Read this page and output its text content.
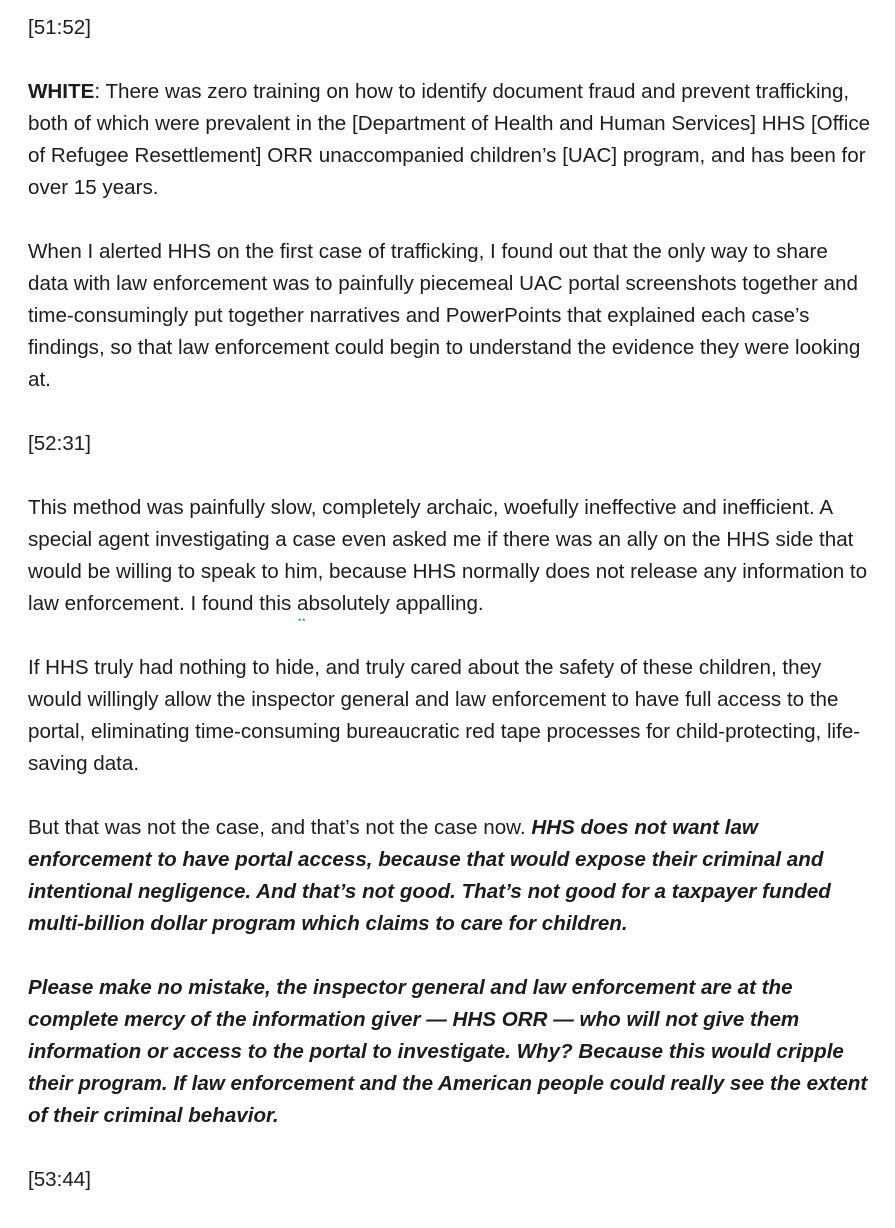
[51:52]

WHITE: There was zero training on how to identify document fraud and prevent trafficking, both of which were prevalent in the [Department of Health and Human Services] HHS [Office of Refugee Resettlement] ORR unaccompanied children’s [UAC] program, and has been for over 15 years.

When I alerted HHS on the first case of trafficking, I found out that the only way to share data with law enforcement was to painfully piecemeal UAC portal screenshots together and time-consumingly put together narratives and PowerPoints that explained each case’s findings, so that law enforcement could begin to understand the evidence they were looking at.

[52:31]

This method was painfully slow, completely archaic, woefully ineffective and inefficient. A special agent investigating a case even asked me if there was an ally on the HHS side that would be willing to speak to him, because HHS normally does not release any information to law enforcement. I found this a
••
bsolutely appalling.

If HHS truly had nothing to hide, and truly cared about the safety of these children, they would willingly allow the inspector general and law enforcement to have full access to the portal, eliminating time-consuming bureaucratic red tape processes for child-protecting, life-saving data.

But that was not the case, and that’s not the case now. HHS does not want law enforcement to have portal access, because that would expose their criminal and intentional negligence. And that’s not good. That’s not good for a taxpayer funded multi-billion dollar program which claims to care for children.

Please make no mistake, the inspector general and law enforcement are at the complete mercy of the information giver — HHS ORR — who will not give them information or access to the portal to investigate. Why? Because this would cripple their program. If law enforcement and the American people could really see the extent of their criminal behavior.

[53:44]
